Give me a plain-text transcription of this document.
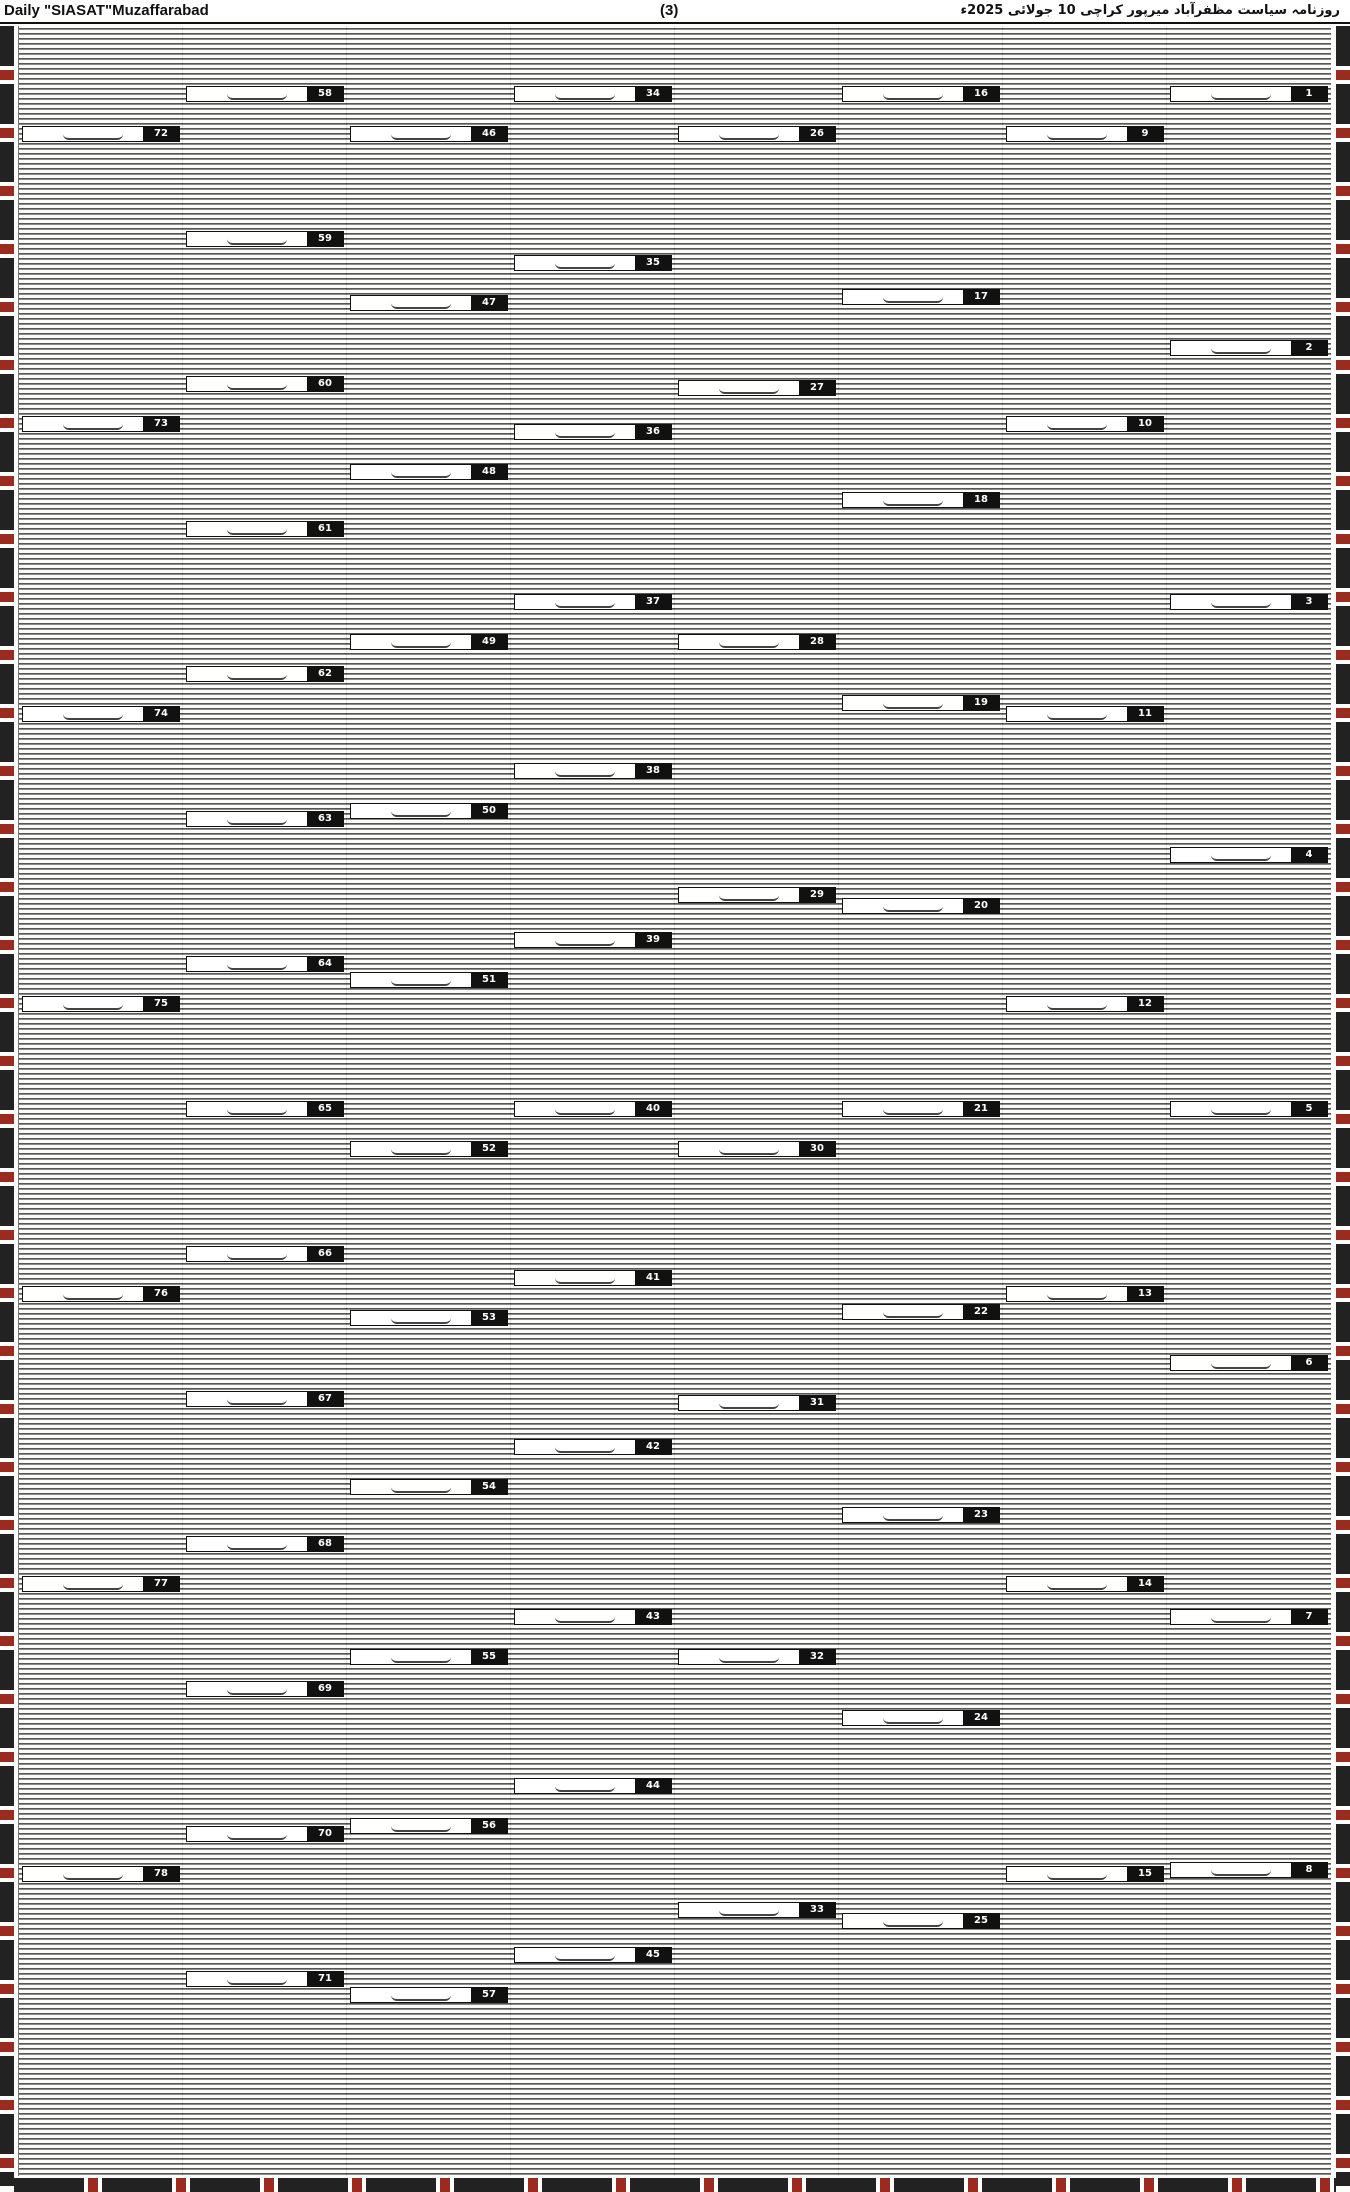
Daily "SIASAT"Muzaffarabad	(3)	روزنامہ سیاست مظفرآباد میرپور کراچی 10 جولائی 2025ء
1
2
3
4
5
6
7
8
9
10
11
12
13
14
15
16
17
18
19
20
21
22
23
24
25
26
27
28
29
30
31
32
33
34
35
36
37
38
39
40
41
42
43
44
45
46
47
48
49
50
51
52
53
54
55
56
57
58
59
60
61
62
63
64
65
66
67
68
69
70
71
72
73
74
75
76
77
78
